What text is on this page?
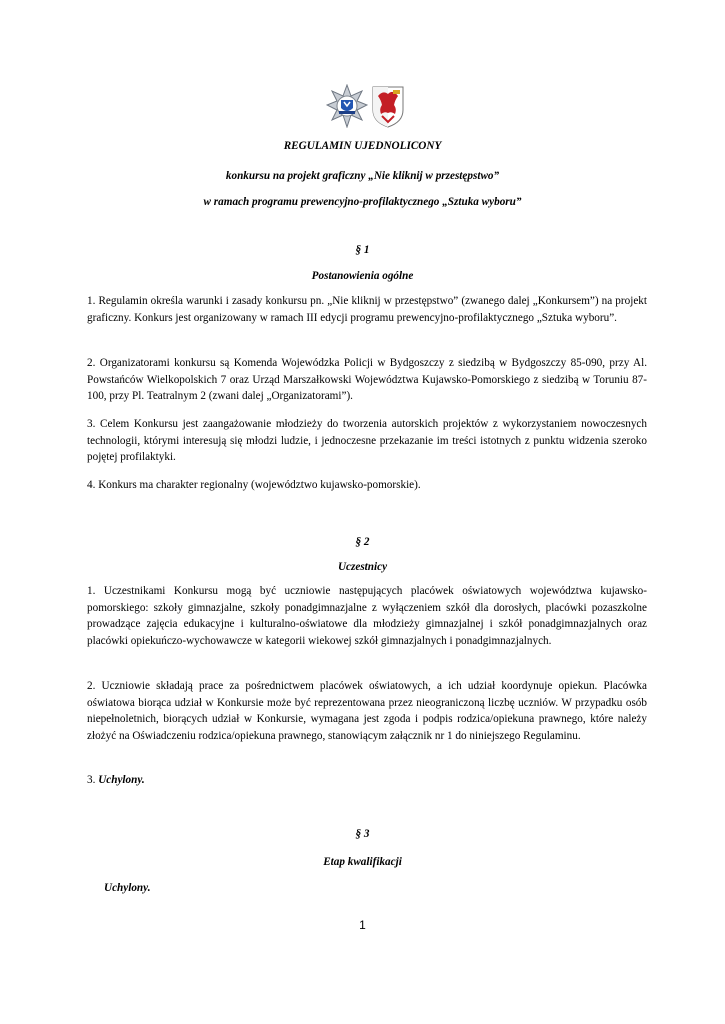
REGULAMIN UJEDNOLICONY

konkursu na projekt graficzny „Nie kliknij w przestępstwo”

w ramach programu prewencyjno-profilaktycznego „Sztuka wyboru”

§ 1

Postanowienia ogólne

1. Regulamin określa warunki i zasady konkursu pn. „Nie kliknij w przestępstwo” (zwanego dalej „Konkursem”) na projekt graficzny. Konkurs jest organizowany w ramach III edycji programu prewencyjno-profilaktycznego „Sztuka wyboru”.

2. Organizatorami konkursu są Komenda Wojewódzka Policji w Bydgoszczy z siedzibą w Bydgoszczy 85-090, przy Al. Powstańców Wielkopolskich 7 oraz Urząd Marszałkowski Województwa Kujawsko-Pomorskiego z siedzibą w Toruniu 87-100, przy Pl. Teatralnym 2 (zwani dalej „Organizatorami”).

3. Celem Konkursu jest zaangażowanie młodzieży do tworzenia autorskich projektów z wykorzystaniem nowoczesnych technologii, którymi interesują się młodzi ludzie, i jednoczesne przekazanie im treści istotnych z punktu widzenia szeroko pojętej profilaktyki.

4. Konkurs ma charakter regionalny (województwo kujawsko-pomorskie).

§ 2

Uczestnicy

1. Uczestnikami Konkursu mogą być uczniowie następujących placówek oświatowych województwa kujawsko-pomorskiego: szkoły gimnazjalne, szkoły ponadgimnazjalne z wyłączeniem szkół dla dorosłych, placówki pozaszkolne prowadzące zajęcia edukacyjne i kulturalno-oświatowe dla młodzieży gimnazjalnej i szkół ponadgimnazjalnych oraz placówki opiekuńczo-wychowawcze w kategorii wiekowej szkół gimnazjalnych i ponadgimnazjalnych.

2. Uczniowie składają prace za pośrednictwem placówek oświatowych, a ich udział koordynuje opiekun. Placówka oświatowa biorąca udział w Konkursie może być reprezentowana przez nieograniczoną liczbę uczniów. W przypadku osób niepełnoletnich, biorących udział w Konkursie, wymagana jest zgoda i podpis rodzica/opiekuna prawnego, które należy złożyć na Oświadczeniu rodzica/opiekuna prawnego, stanowiącym załącznik nr 1 do niniejszego Regulaminu.

3. Uchylony.

§ 3

Etap kwalifikacji

Uchylony.

1
